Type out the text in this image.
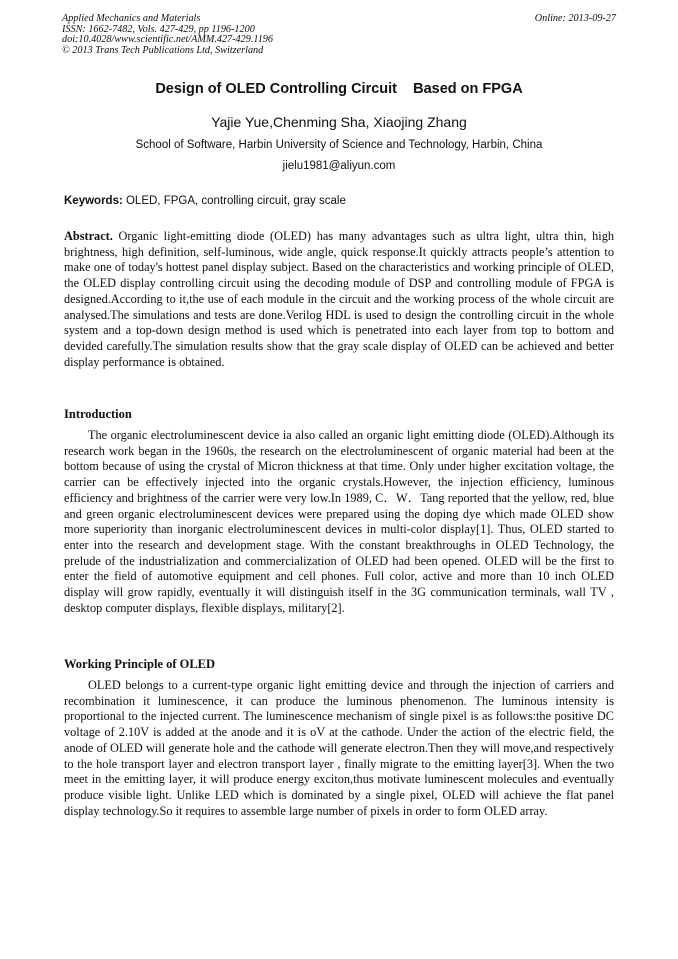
Applied Mechanics and Materials
ISSN: 1662-7482, Vols. 427-429, pp 1196-1200
doi:10.4028/www.scientific.net/AMM.427-429.1196
© 2013 Trans Tech Publications Ltd, Switzerland
Online: 2013-09-27
Design of OLED Controlling Circuit    Based on FPGA
Yajie Yue,Chenming Sha, Xiaojing Zhang
School of Software, Harbin University of Science and Technology, Harbin, China
jielu1981@aliyun.com
Keywords: OLED, FPGA, controlling circuit, gray scale
Abstract. Organic light-emitting diode (OLED) has many advantages such as ultra light, ultra thin, high brightness, high definition, self-luminous, wide angle, quick response.It quickly attracts people’s attention to make one of today's hottest panel display subject. Based on the characteristics and working principle of OLED, the OLED display controlling circuit using the decoding module of DSP and controlling module of FPGA is designed.According to it,the use of each module in the circuit and the working process of the whole circuit are analysed.The simulations and tests are done.Verilog HDL is used to design the controlling circuit in the whole system and a top-down design method is used which is penetrated into each layer from top to bottom and devided carefully.The simulation results show that the gray scale display of OLED can be achieved and better display performance is obtained.
Introduction
The organic electroluminescent device ia also called an organic light emitting diode (OLED).Although its research work began in the 1960s, the research on the electroluminescent of organic material had been at the bottom because of using the crystal of Micron thickness at that time. Only under higher excitation voltage, the carrier can be effectively injected into the organic crystals.However, the injection efficiency, luminous efficiency and brightness of the carrier were very low.In 1989, C．W．Tang reported that the yellow, red, blue and green organic electroluminescent devices were prepared using the doping dye which made OLED show more superiority than inorganic electroluminescent devices in multi-color display[1]. Thus, OLED started to enter into the research and development stage. With the constant breakthroughs in OLED Technology, the prelude of the industrialization and commercialization of OLED had been opened. OLED will be the first to enter the field of automotive equipment and cell phones. Full color, active and more than 10 inch OLED display will grow rapidly, eventually it will distinguish itself in the 3G communication terminals, wall TV , desktop computer displays, flexible displays, military[2].
Working Principle of OLED
OLED belongs to a current-type organic light emitting device and through the injection of carriers and recombination it luminescence, it can produce the luminous phenomenon. The luminous intensity is proportional to the injected current. The luminescence mechanism of single pixel is as follows:the positive DC voltage of 2.10V is added at the anode and it is oV at the cathode. Under the action of the electric field, the anode of OLED will generate hole and the cathode will generate electron.Then they will move,and respectively to the hole transport layer and electron transport layer , finally migrate to the emitting layer[3]. When the two meet in the emitting layer, it will produce energy exciton,thus motivate luminescent molecules and eventually produce visible light. Unlike LED which is dominated by a single pixel, OLED will achieve the flat panel display technology.So it requires to assemble large number of pixels in order to form OLED array.
